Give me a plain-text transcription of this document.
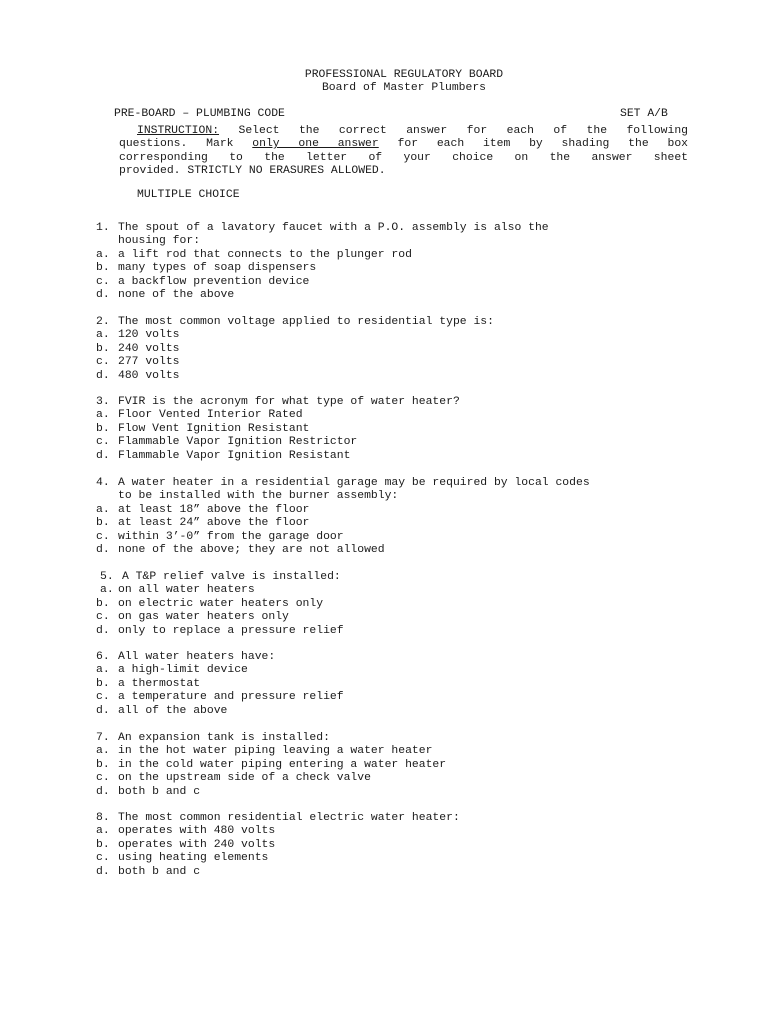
PROFESSIONAL REGULATORY BOARD
Board of Master Plumbers
PRE-BOARD – PLUMBING CODE	SET A/B
INSTRUCTION: Select the correct answer for each of the following
questions. Mark only one answer for each item by shading the box
corresponding to the letter of your choice on the answer sheet
provided. STRICTLY NO ERASURES ALLOWED.
MULTIPLE CHOICE
1. The spout of a lavatory faucet with a P.O. assembly is also the
housing for:
a. a lift rod that connects to the plunger rod
b. many types of soap dispensers
c. a backflow prevention device
d. none of the above
2. The most common voltage applied to residential type is:
a. 120 volts
b. 240 volts
c. 277 volts
d. 480 volts
3. FVIR is the acronym for what type of water heater?
a. Floor Vented Interior Rated
b. Flow Vent Ignition Resistant
c. Flammable Vapor Ignition Restrictor
d. Flammable Vapor Ignition Resistant
4. A water heater in a residential garage may be required by local codes
to be installed with the burner assembly:
a. at least 18” above the floor
b. at least 24” above the floor
c. within 3’-0” from the garage door
d. none of the above; they are not allowed
5. A T&P relief valve is installed:
a. on all water heaters
b. on electric water heaters only
c. on gas water heaters only
d. only to replace a pressure relief
6. All water heaters have:
a. a high-limit device
b. a thermostat
c. a temperature and pressure relief
d. all of the above
7. An expansion tank is installed:
a. in the hot water piping leaving a water heater
b. in the cold water piping entering a water heater
c. on the upstream side of a check valve
d. both b and c
8. The most common residential electric water heater:
a. operates with 480 volts
b. operates with 240 volts
c. using heating elements
d. both b and c
